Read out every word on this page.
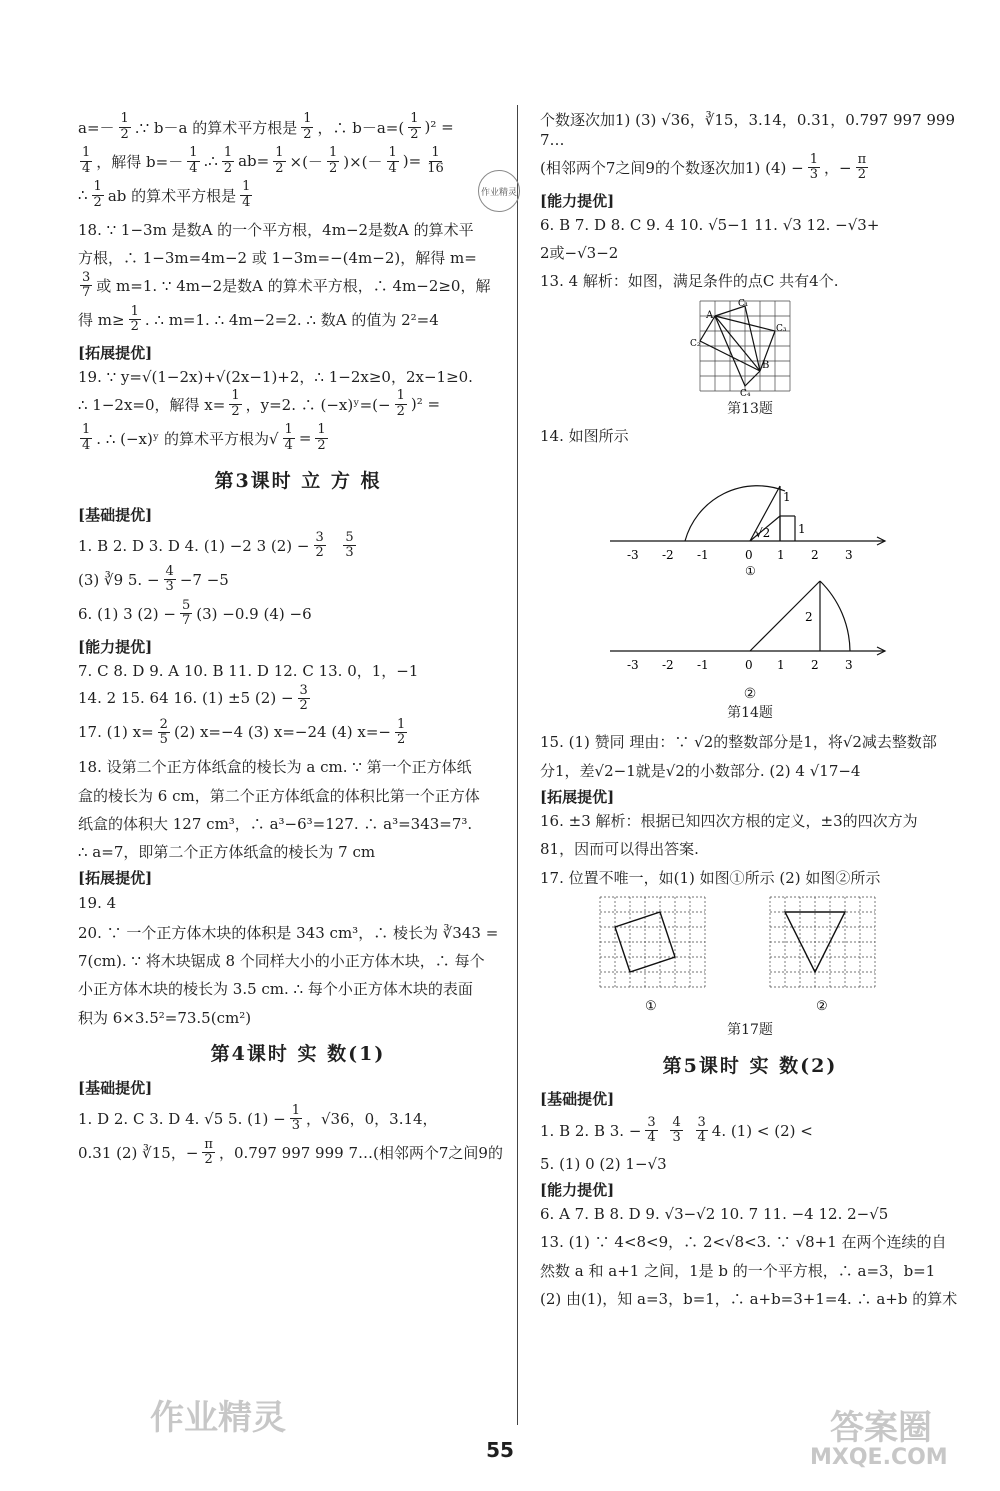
作业精灵
$a=- \frac{1}{2}$ .∵ b－a 的算术平方根是 $\frac{1}{2}$ ，∴ $b-a=( \frac{1}{2} )^2$ =
$\frac{1}{4}$ ，解得 $b=- \frac{1}{4}$ .∴ $\frac{1}{2} ab= \frac{1}{2}$ ×(－ $\frac{1}{2}$ )×(－ $\frac{1}{4}$ )= $\frac{1}{16}$
∴ $\frac{1}{2}$ ab 的算术平方根是 $\frac{1}{4}$

18. ∵ 1−3m 是数A 的一个平方根，4m−2是数A 的算术平

方根，∴ 1−3m=4m−2 或 1−3m=−(4m−2)，解得 m=

$\frac{3}{7}$ 或 m=1. ∵ 4m−2是数A 的算术平方根，∴ 4m−2≥0，解
得 $m\ge \frac{1}{2}$ . ∴ m=1. ∴ 4m−2=2. ∴ 数A 的值为 2²=4

[拓展提优]

19. ∵ y=√(1−2x)+√(2x−1)+2，∴ 1−2x≥0，2x−1≥0.

∴ 1−2x=0，解得 $x= \frac{1}{2}$ ，y=2. ∴ (−x)ʸ=(− $\frac{1}{2} )^2$ =
$\frac{1}{4}$ . ∴ (−x)ʸ 的算术平方根为√ $\frac{1}{4} = \frac{1}{2}$

第3课时 立 方 根

[基础提优]

1. B 2. D 3. D 4. (1) −2 3 $(2) - \frac{3}{2}$
$\frac{5}{3}$
(3) ∛9 5. − $\frac{4}{3} -7 -5$
6. (1) 3 $(2) - \frac{5}{7} (3) -0.9$ (4) −6

[能力提优]

7. C 8. D 9. A 10. B 11. D 12. C 13. 0，1，−1

14. 2 15. 64 16. (1) ±5 $(2) - \frac{3}{2}$
17. (1) $x= \frac{2}{5} (2)$ x=−4 (3) x=−24 (4) $x=- \frac{1}{2}$

18. 设第二个正方体纸盒的棱长为 a cm. ∵ 第一个正方体纸

盒的棱长为 6 cm，第二个正方体纸盒的体积比第一个正方体

纸盒的体积大 127 cm³，∴ a³−6³=127. ∴ a³=343=7³.

∴ a=7，即第二个正方体纸盒的棱长为 7 cm

[拓展提优]

19. 4

20. ∵ 一个正方体木块的体积是 343 cm³，∴ 棱长为 ∛343 =

7(cm). ∵ 将木块锯成 8 个同样大小的小正方体木块，∴ 每个

小正方体木块的棱长为 3.5 cm. ∴ 每个小正方体木块的表面

积为 6×3.5²=73.5(cm²)

第4课时 实 数(1)

[基础提优]

1. D 2. C 3. D 4. √5 5. $(1) - \frac{1}{3}$ ，√36，0，3.14，
0.31 (2) ∛15，− $\frac{\pi}{2}$ ，0.797 997 999 7…(相邻两个7之间9的

个数逐次加1) (3) √36，∛15，3.14，0.31，0.797 997 999 7…

(相邻两个7之间9的个数逐次加1) $(4) - \frac{1}{3}$ ，− $\frac{\pi}{2}$

[能力提优]

6. B 7. D 8. C 9. 4 10. √5−1 11. √3 12. −√3+

2或−√3−2

13. 4 解析：如图，满足条件的点C 共有4个.

C₁
C₂
C₃
C₄
A
B

第13题

14. 如图所示

-3 -2 -1	0 1 2 3
1
√2 1
①
-3 -2 -1	0 1 2 3
2

②

第14题

15. (1) 赞同 理由：∵ √2的整数部分是1，将√2减去整数部

分1，差√2−1就是√2的小数部分. (2) 4 √17−4

[拓展提优]

16. ±3 解析：根据已知四次方根的定义，±3的四次方为

81，因而可以得出答案.

17. 位置不唯一，如(1) 如图①所示 (2) 如图②所示

①	②

第17题

第5课时 实 数(2)

[基础提优]

1. B 2. B 3. − $\frac{3}{4}$
$\frac{4}{3}$
$\frac{3}{4} 4$. (1) < (2) <

5. (1) 0 (2) 1−√3

[能力提优]

6. A 7. B 8. D 9. √3−√2 10. 7 11. −4 12. 2−√5

13. (1) ∵ 4<8<9，∴ 2<√8<3. ∵ √8+1 在两个连续的自

然数 a 和 a+1 之间，1是 b 的一个平方根，∴ a=3，b=1

(2) 由(1)，知 a=3，b=1，∴ a+b=3+1=4. ∴ a+b 的算术

作业精灵	答案圈
MXQE.COM
55
